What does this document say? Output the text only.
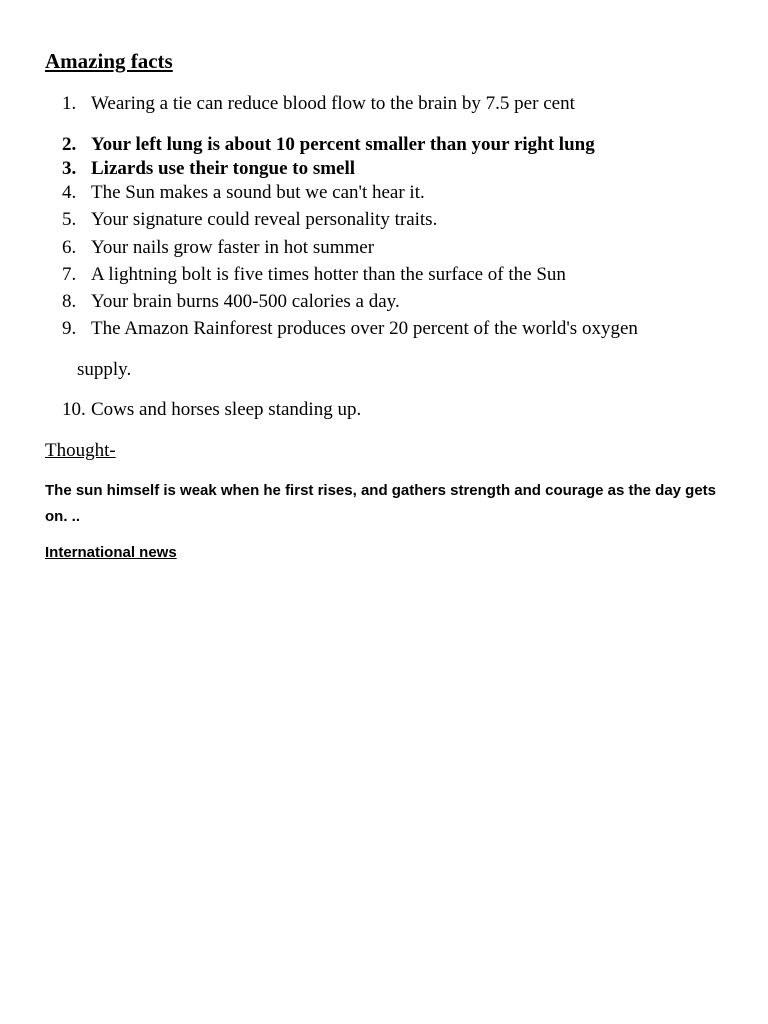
Amazing facts
1. Wearing a tie can reduce blood flow to the brain by 7.5 per cent
2. Your left lung is about 10 percent smaller than your right lung
3. Lizards use their tongue to smell
4. The Sun makes a sound but we can't hear it.
5. Your signature could reveal personality traits.
6. Your nails grow faster in hot summer
7. A lightning bolt is five times hotter than the surface of the Sun
8. Your brain burns 400-500 calories a day.
9. The Amazon Rainforest produces over 20 percent of the world's oxygen
supply.
10. Cows and horses sleep standing up.
Thought-
The sun himself is weak when he first rises, and gathers strength and courage as the day gets on. ..
International news
